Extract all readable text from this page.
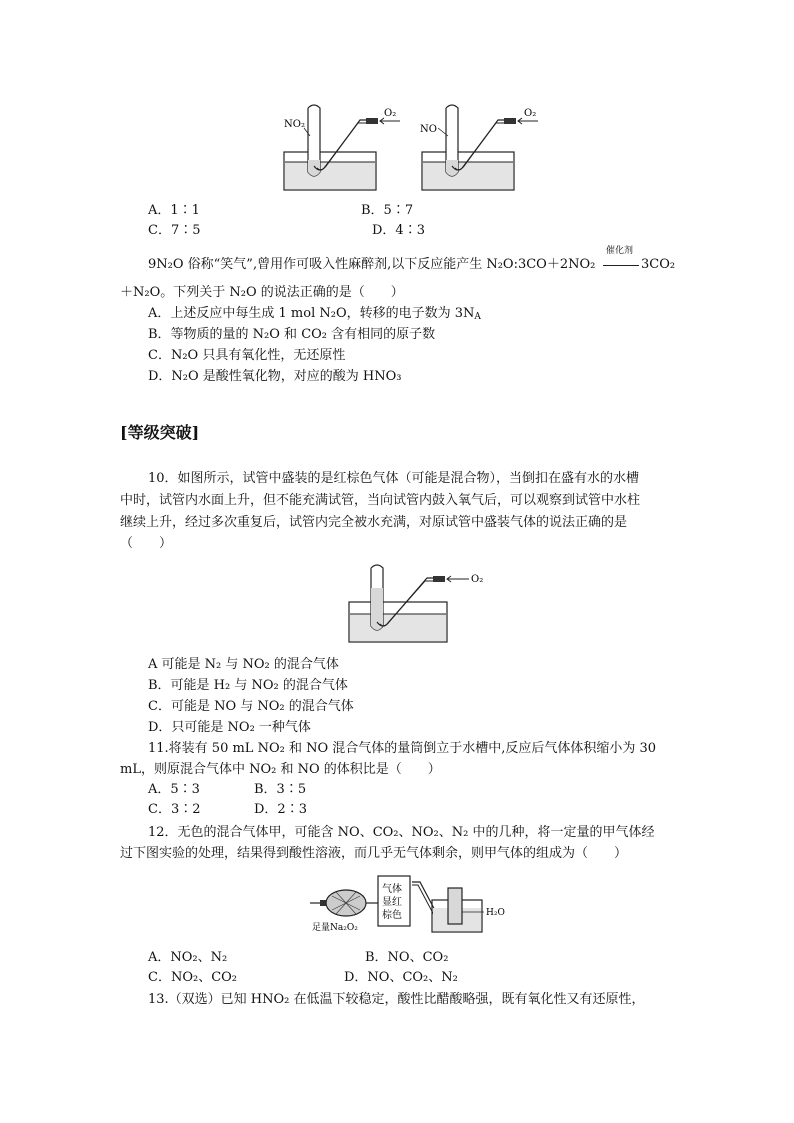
NO₂
O₂
NO
O₂
A．1∶1	B．5∶7
C．7∶5	D．4∶3
9N₂O 俗称“笑气”,曾用作可吸入性麻醉剂,以下反应能产生 N₂O:3CO＋2NO₂
催化剂
3CO₂
＋N₂O。下列关于 N₂O 的说法正确的是（　　）
A．上述反应中每生成 1 mol N₂O，转移的电子数为 $3N_A$
B．等物质的量的 N₂O 和 CO₂ 含有相同的原子数
C．N₂O 只具有氧化性，无还原性
D．N₂O 是酸性氧化物，对应的酸为 HNO₃
[等级突破]
10．如图所示，试管中盛装的是红棕色气体（可能是混合物），当倒扣在盛有水的水槽
中时，试管内水面上升，但不能充满试管，当向试管内鼓入氧气后，可以观察到试管中水柱
继续上升，经过多次重复后，试管内完全被水充满，对原试管中盛装气体的说法正确的是
（　　）
O₂
A 可能是 N₂ 与 NO₂ 的混合气体
B．可能是 H₂ 与 NO₂ 的混合气体
C．可能是 NO 与 NO₂ 的混合气体
D．只可能是 NO₂ 一种气体
11.将装有 50 mL NO₂ 和 NO 混合气体的量筒倒立于水槽中,反应后气体体积缩小为 30
mL，则原混合气体中 NO₂ 和 NO 的体积比是（　　）
A．5∶3	B．3∶5
C．3∶2	D．2∶3
12．无色的混合气体甲，可能含 NO、CO₂、NO₂、N₂ 中的几种，将一定量的甲气体经
过下图实验的处理，结果得到酸性溶液，而几乎无气体剩余，则甲气体的组成为（　　）
足量Na₂O₂
气体
显红
棕色	H₂O
A．NO₂、N₂	B．NO、CO₂
C．NO₂、CO₂	D．NO、CO₂、N₂
13.（双选）已知 HNO₂ 在低温下较稳定，酸性比醋酸略强，既有氧化性又有还原性，
